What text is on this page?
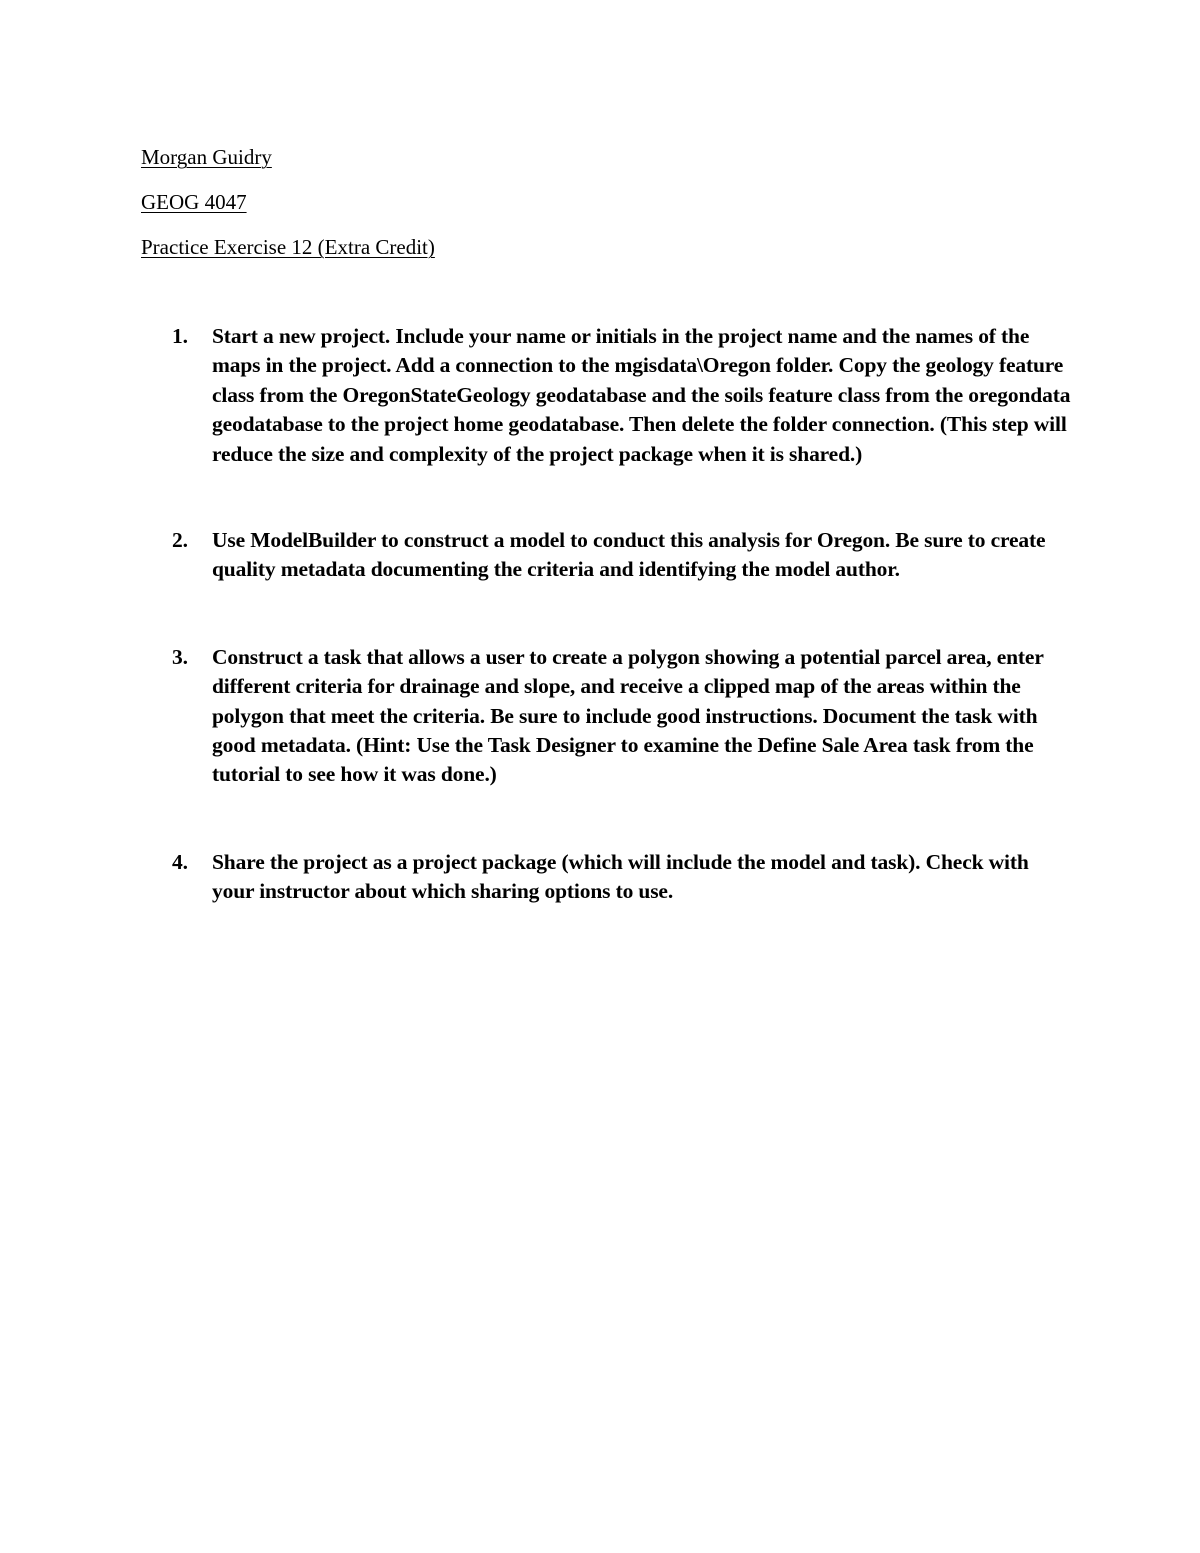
Morgan Guidry
GEOG 4047
Practice Exercise 12 (Extra Credit)
1.	Start a new project. Include your name or initials in the project name and the names of the maps in the project. Add a connection to the mgisdata\Oregon folder. Copy the geology feature class from the OregonStateGeology geodatabase and the soils feature class from the oregondata geodatabase to the project home geodatabase. Then delete the folder connection. (This step will reduce the size and complexity of the project package when it is shared.)
2.	Use ModelBuilder to construct a model to conduct this analysis for Oregon. Be sure to create quality metadata documenting the criteria and identifying the model author.
3.	Construct a task that allows a user to create a polygon showing a potential parcel area, enter different criteria for drainage and slope, and receive a clipped map of the areas within the polygon that meet the criteria. Be sure to include good instructions. Document the task with good metadata. (Hint: Use the Task Designer to examine the Define Sale Area task from the tutorial to see how it was done.)
4.	Share the project as a project package (which will include the model and task). Check with your instructor about which sharing options to use.
